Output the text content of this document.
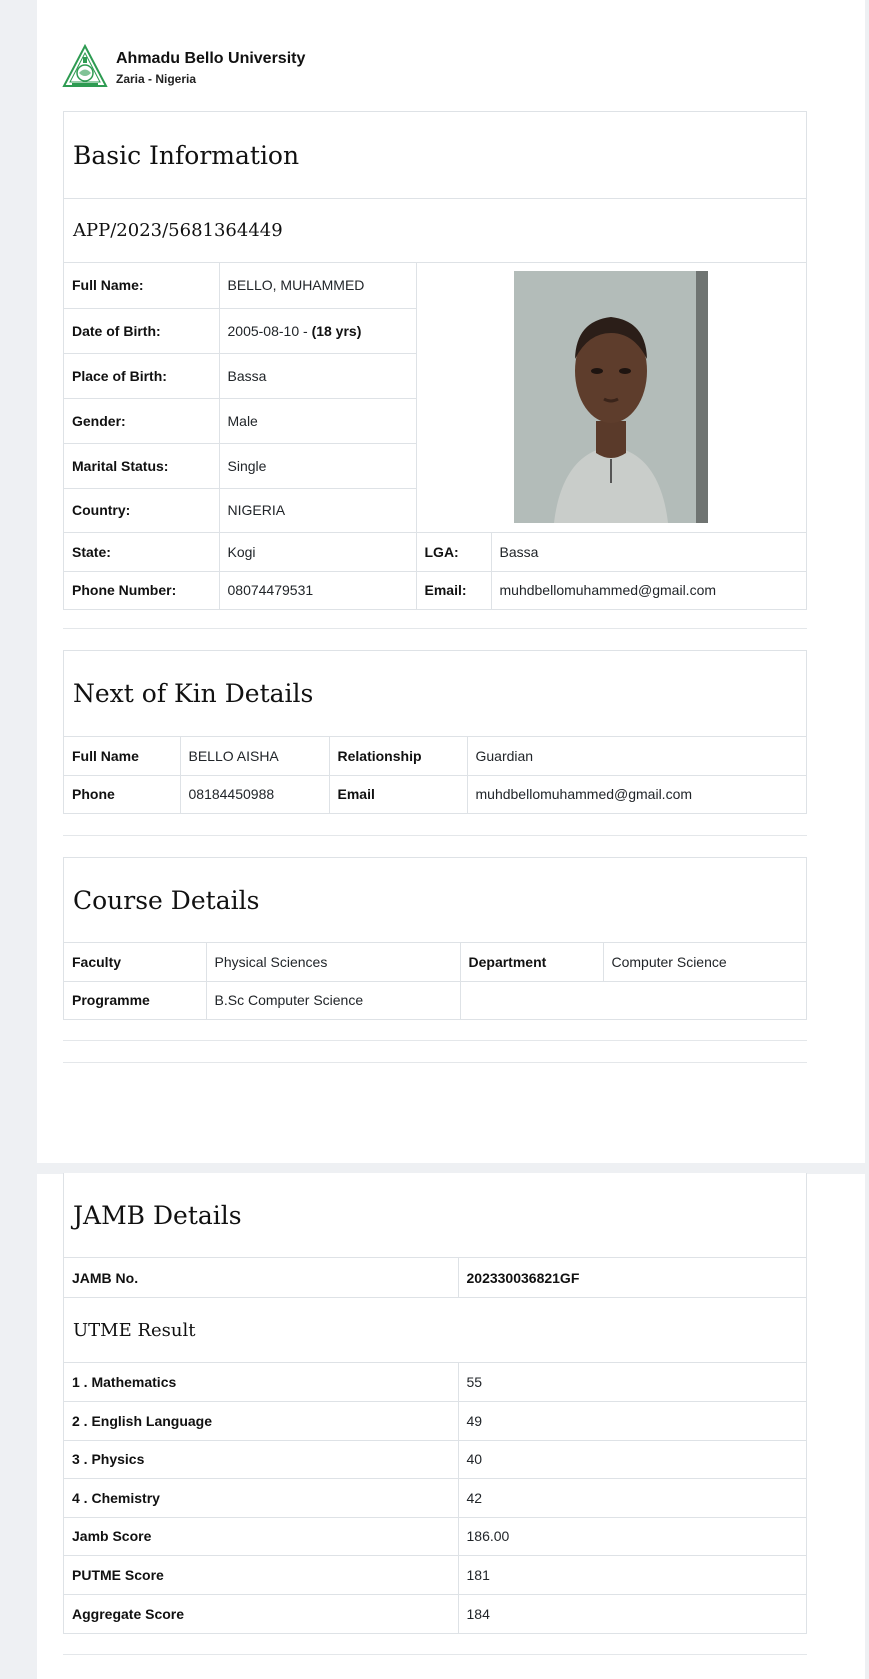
Ahmadu Bello University
Zaria - Nigeria
Basic Information
APP/2023/5681364449
Full Name:	BELLO, MUHAMMED	

Date of Birth:	2005-08-10 - (18 yrs)		
Place of Birth:	Bassa		
Gender:	Male		
Marital Status:	Single		
Country:	NIGERIA		
State:	Kogi	LGA:	Bassa
Phone Number:	08074479531	Email:	muhdbellomuhammed@gmail.com
Next of Kin Details
Full Name	BELLO AISHA	Relationship	Guardian
Phone	08184450988	Email	muhdbellomuhammed@gmail.com
Course Details
Faculty	Physical Sciences	Department	Computer Science
Programme	B.Sc Computer Science		
JAMB Details
JAMB No.	202330036821GF
UTME Result
1 . Mathematics	55
2 . English Language	49
3 . Physics	40
4 . Chemistry	42
Jamb Score	186.00
PUTME Score	181
Aggregate Score	184
